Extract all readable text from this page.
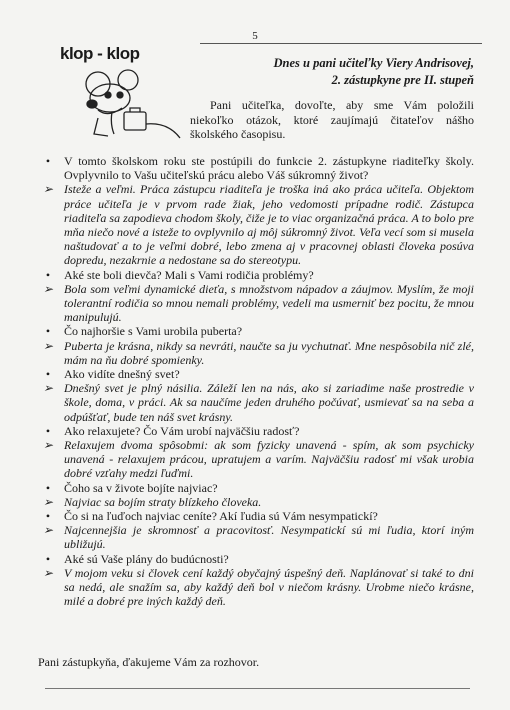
5
klop - klop	Dnes u pani učiteľky Viery Andrisovej,
2. zástupkyne pre II. stupeň
Pani učiteľka, dovoľte, aby sme Vám položili niekoľko otázok, ktoré zaujímajú čitateľov nášho školského časopisu.
•	V tomto školskom roku ste postúpili do funkcie 2. zástupkyne riaditeľky školy. Ovplyvnilo to Vašu učiteľskú prácu alebo Váš súkromný život?
➢ Isteže a veľmi. Práca zástupcu riaditeľa je troška iná ako práca učiteľa. Objektom práce učiteľa je v prvom rade žiak, jeho vedomosti prípadne rodič. Zástupca riaditeľa sa zapodieva chodom školy, čiže je to viac organizačná práca. A to bolo pre mňa niečo nové a isteže to ovplyvnilo aj môj súkromný život. Veľa vecí som si musela naštudovať a to je veľmi dobré, lebo zmena aj v pracovnej oblasti človeka posúva dopredu, nezakrnie a nedostane sa do stereotypu.
•	Aké ste boli dievča? Mali s Vami rodičia problémy?
➢ Bola som veľmi dynamické dieťa, s množstvom nápadov a záujmov. Myslím, že moji tolerantní rodičia so mnou nemali problémy, vedeli ma usmerniť bez pocitu, že mnou manipulujú.
•	Čo najhoršie s Vami urobila puberta?
➢ Puberta je krásna, nikdy sa nevráti, naučte sa ju vychutnať. Mne nespôsobila nič zlé, mám na ňu dobré spomienky.
•	Ako vidíte dnešný svet?
➢ Dnešný svet je plný násilia. Záleží len na nás, ako si zariadime naše prostredie v škole, doma, v práci. Ak sa naučíme jeden druhého počúvať, usmievať sa na seba a odpúšťať, bude ten náš svet krásny.
•	Ako relaxujete? Čo Vám urobí najväčšiu radosť?
➢ Relaxujem dvoma spôsobmi: ak som fyzicky unavená - spím, ak som psychicky unavená - relaxujem prácou, upratujem a varím. Najväčšiu radosť mi však urobia dobré vzťahy medzi ľuďmi.
•	Čoho sa v živote bojíte najviac?
➢ Najviac sa bojím straty blízkeho človeka.
•	Čo si na ľuďoch najviac ceníte? Akí ľudia sú Vám nesympatickí?
➢ Najcennejšia je skromnosť a pracovitosť. Nesympatickí sú mi ľudia, ktorí iným ubližujú.
•	Aké sú Vaše plány do budúcnosti?
➢ V mojom veku si človek cení každý obyčajný úspešný deň. Naplánovať si také to dni sa nedá, ale snažím sa, aby každý deň bol v niečom krásny. Urobme niečo krásne, milé a dobré pre iných každý deň.
Pani zástupkyňa, ďakujeme Vám za rozhovor.
